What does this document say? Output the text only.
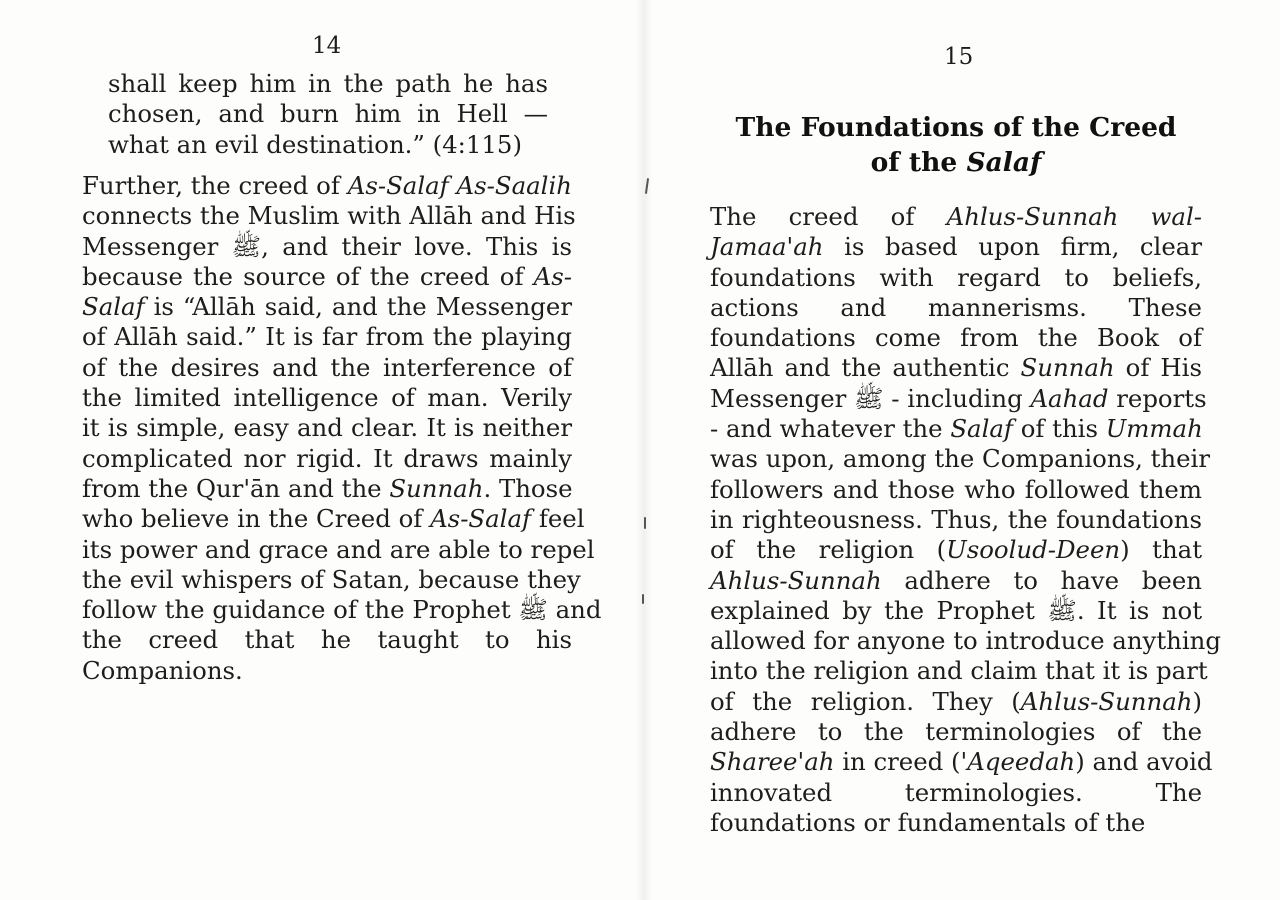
14
shall keep him in the path he has
chosen, and burn him in Hell —
what an evil destination.” (4:115)
Further, the creed of As-Salaf As-Saalih
connects the Muslim with Allāh and His
Messenger ﷺ, and their love. This is
because the source of the creed of As-
Salaf is “Allāh said, and the Messenger
of Allāh said.” It is far from the playing
of the desires and the interference of
the limited intelligence of man. Verily
it is simple, easy and clear. It is neither
complicated nor rigid. It draws mainly
from the Qur'ān and the Sunnah. Those
who believe in the Creed of As-Salaf feel
its power and grace and are able to repel
the evil whispers of Satan, because they
follow the guidance of the Prophet ﷺ and
the creed that he taught to his
Companions.
15
The Foundations of the Creed
of the Salaf
The creed of Ahlus-Sunnah wal-
Jamaa'ah is based upon firm, clear
foundations with regard to beliefs,
actions and mannerisms. These
foundations come from the Book of
Allāh and the authentic Sunnah of His
Messenger ﷺ - including Aahad reports
- and whatever the Salaf of this Ummah
was upon, among the Companions, their
followers and those who followed them
in righteousness. Thus, the foundations
of the religion (Usoolud-Deen) that
Ahlus-Sunnah adhere to have been
explained by the Prophet ﷺ. It is not
allowed for anyone to introduce anything
into the religion and claim that it is part
of the religion. They (Ahlus-Sunnah)
adhere to the terminologies of the
Sharee'ah in creed ('Aqeedah) and avoid
innovated terminologies. The
foundations or fundamentals of the
